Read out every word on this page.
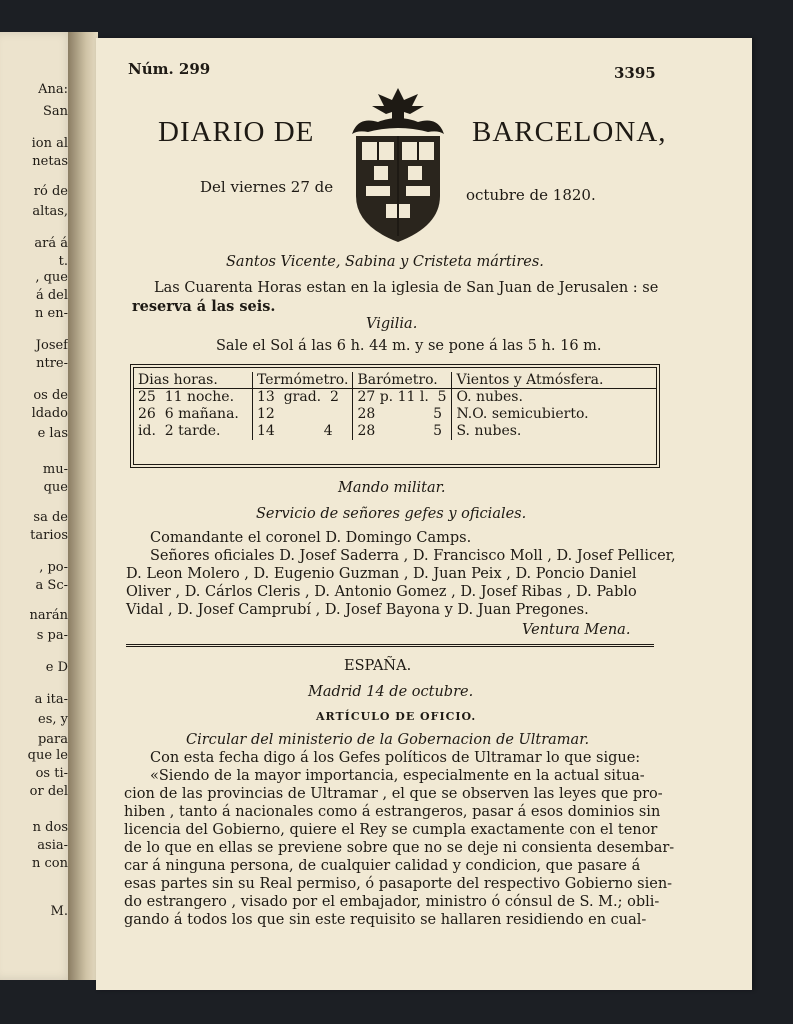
Ana:
San
ion al
netas
ró de
altas,
ará á
t.
, que
á del
n en-
Josef
ntre-
os de
ldado
e las
mu-
que
sa de
tarios
, po-
a Sc-
narán
s pa-
e D
a ita-
es, y
para
que le
os ti-
or del
n dos
asia-
n con
M.
Núm. 299	3395
DIARIO DE	BARCELONA,
Del viernes 27 de	octubre de 1820.
Santos Vicente, Sabina y Cristeta mártires.
Las Cuarenta Horas estan en la iglesia de San Juan de Jerusalen : se
reserva á las seis.
Vigilia.
Sale el Sol á las 6 h. 44 m. y se pone á las 5 h. 16 m.
Dias horas.	Termómetro.	Barómetro.	Vientos y Atmósfera.
25  11 noche.	13  grad.  2	27 p. 11 l.  5	O. nubes.
26  6 mañana.	12	28             5	N.O. semicubierto.
id.  2 tarde.	14           4	28             5	S. nubes.
Mando militar.
Servicio de señores gefes y oficiales.
Comandante el coronel D. Domingo Camps.
Señores oficiales D. Josef Saderra , D. Francisco Moll , D. Josef Pellicer,
D. Leon Molero , D. Eugenio Guzman , D. Juan Peix , D. Poncio Daniel
Oliver , D. Cárlos Cleris , D. Antonio Gomez , D. Josef Ribas , D. Pablo
Vidal , D. Josef Camprubí , D. Josef Bayona y D. Juan Pregones.
Ventura Mena.
ESPAÑA.
Madrid 14 de octubre.
ARTÍCULO DE OFICIO.
Circular del ministerio de la Gobernacion de Ultramar.
Con esta fecha digo á los Gefes políticos de Ultramar lo que sigue:
«Siendo de la mayor importancia, especialmente en la actual situa-
cion de las provincias de Ultramar , el que se observen las leyes que pro-
hiben , tanto á nacionales como á estrangeros, pasar á esos dominios sin
licencia del Gobierno, quiere el Rey se cumpla exactamente con el tenor
de lo que en ellas se previene sobre que no se deje ni consienta desembar-
car á ninguna persona, de cualquier calidad y condicion, que pasare á
esas partes sin su Real permiso, ó pasaporte del respectivo Gobierno sien-
do estrangero , visado por el embajador, ministro ó cónsul de S. M.; obli-
gando á todos los que sin este requisito se hallaren residiendo en cual-
